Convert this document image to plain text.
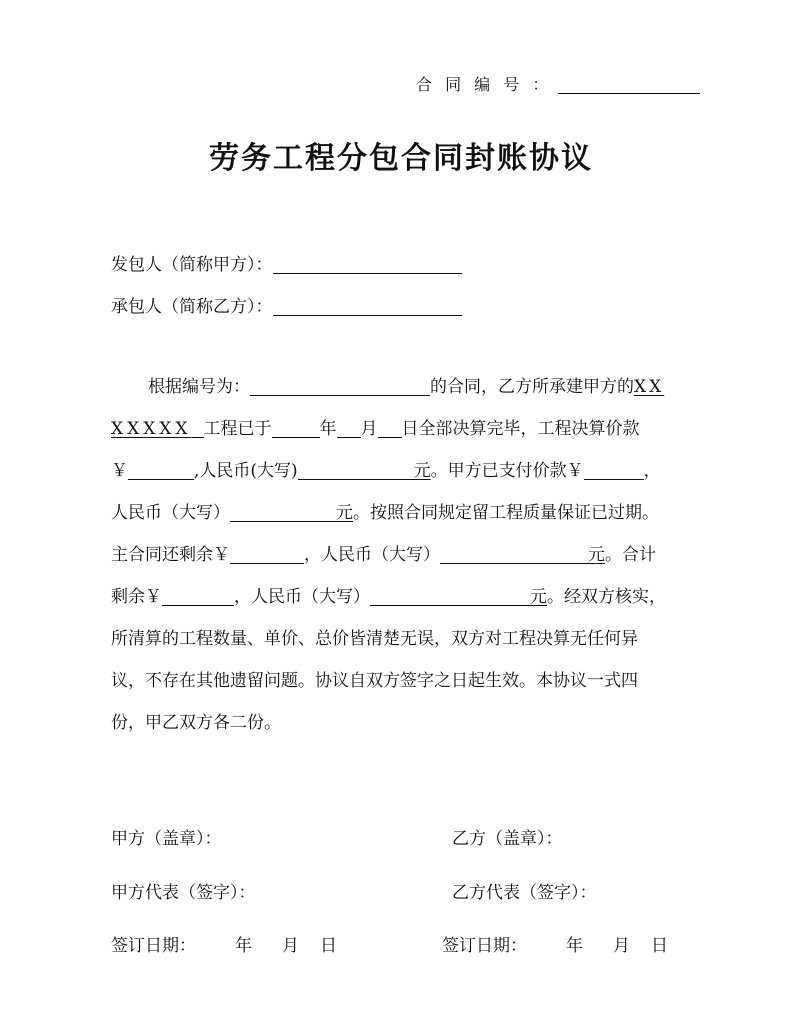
合 同 编 号 ：
劳务工程分包合同封账协议
发包人（简称甲方）：
承包人（简称乙方）：
根据编号为：	的合同，乙方所承建甲方的XX
XXXXX 工程已于	年 月 日全部决算完毕，工程决算价款
￥	,人民币(大写)	元。甲方已支付价款￥	，
人民币（大写）	元。按照合同规定留工程质量保证已过期。
主合同还剩余￥	，人民币（大写）	元。合计
剩余￥	，人民币（大写）	元。经双方核实，
所清算的工程数量、单价、总价皆清楚无误，双方对工程决算无任何异
议，不存在其他遗留问题。协议自双方签字之日起生效。本协议一式四
份，甲乙双方各二份。
甲方（盖章）：	乙方（盖章）：
甲方代表（签字）：	乙方代表（签字）：
签订日期： 年 月 日	签订日期： 年 月 日
